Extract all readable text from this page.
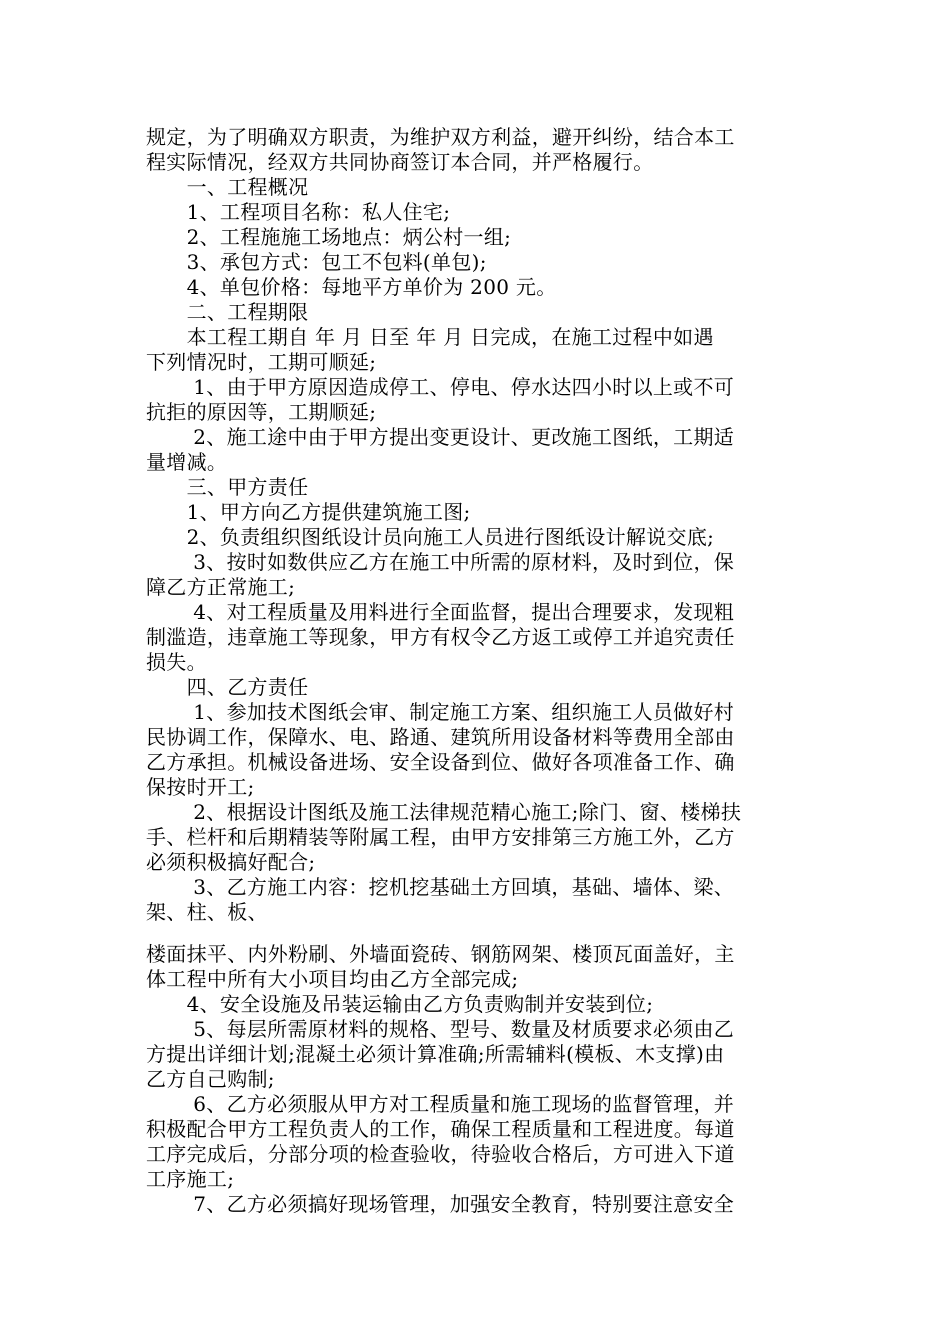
规定，为了明确双方职责，为维护双方利益，避开纠纷，结合本工
程实际情况，经双方共同协商签订本合同，并严格履行。
　　一、工程概况
　　1、工程项目名称：私人住宅;
　　2、工程施施工场地点：炳公村一组;
　　3、承包方式：包工不包料(单包);
　　4、单包价格：每地平方单价为 200 元。
　　二、工程期限
　　本工程工期自 年 月 日至 年 月 日完成，在施工过程中如遇
下列情况时，工期可顺延;
　　 1、由于甲方原因造成停工、停电、停水达四小时以上或不可
抗拒的原因等，工期顺延;
　　 2、施工途中由于甲方提出变更设计、更改施工图纸，工期适
量增减。
　　三、甲方责任
　　1、甲方向乙方提供建筑施工图;
　　2、负责组织图纸设计员向施工人员进行图纸设计解说交底;
　　 3、按时如数供应乙方在施工中所需的原材料，及时到位，保
障乙方正常施工;
　　 4、对工程质量及用料进行全面监督，提出合理要求，发现粗
制滥造，违章施工等现象，甲方有权令乙方返工或停工并追究责任
损失。
　　四、乙方责任
　　 1、参加技术图纸会审、制定施工方案、组织施工人员做好村
民协调工作，保障水、电、路通、建筑所用设备材料等费用全部由
乙方承担。机械设备进场、安全设备到位、做好各项准备工作、确
保按时开工;
　　 2、根据设计图纸及施工法律规范精心施工;除门、窗、楼梯扶
手、栏杆和后期精装等附属工程，由甲方安排第三方施工外，乙方
必须积极搞好配合;
　　 3、乙方施工内容：挖机挖基础土方回填，基础、墙体、梁、
架、柱、板、
楼面抹平、内外粉刷、外墙面瓷砖、钢筋网架、楼顶瓦面盖好，主
体工程中所有大小项目均由乙方全部完成;
　　4、安全设施及吊装运输由乙方负责购制并安装到位;
　　 5、每层所需原材料的规格、型号、数量及材质要求必须由乙
方提出详细计划;混凝土必须计算准确;所需辅料(模板、木支撑)由
乙方自己购制;
　　 6、乙方必须服从甲方对工程质量和施工现场的监督管理，并
积极配合甲方工程负责人的工作，确保工程质量和工程进度。每道
工序完成后，分部分项的检查验收，待验收合格后，方可进入下道
工序施工;
　　 7、乙方必须搞好现场管理，加强安全教育，特别要注意安全
